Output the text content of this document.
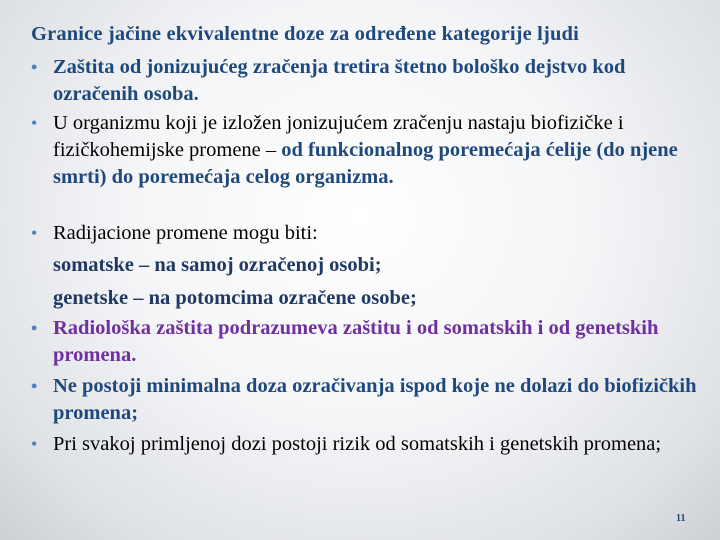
Granice jačine ekvivalentne doze za određene kategorije ljudi
• Zaštita od jonizujućeg zračenja tretira štetno bološko dejstvo kod ozračenih osoba.
• U organizmu koji je izložen jonizujućem zračenju nastaju biofizičke i fizičkohemijske promene – od funkcionalnog poremećaja ćelije (do njene smrti) do poremećaja celog organizma.
• Radijacione promene mogu biti:
somatske – na samoj ozračenoj osobi;
genetske – na potomcima ozračene osobe;
• Radiološka zaštita podrazumeva zaštitu i od somatskih i od genetskih promena.
• Ne postoji minimalna doza ozračivanja ispod koje ne dolazi do biofizičkih promena;
• Pri svakoj primljenoj dozi postoji rizik od somatskih i genetskih promena;
11
